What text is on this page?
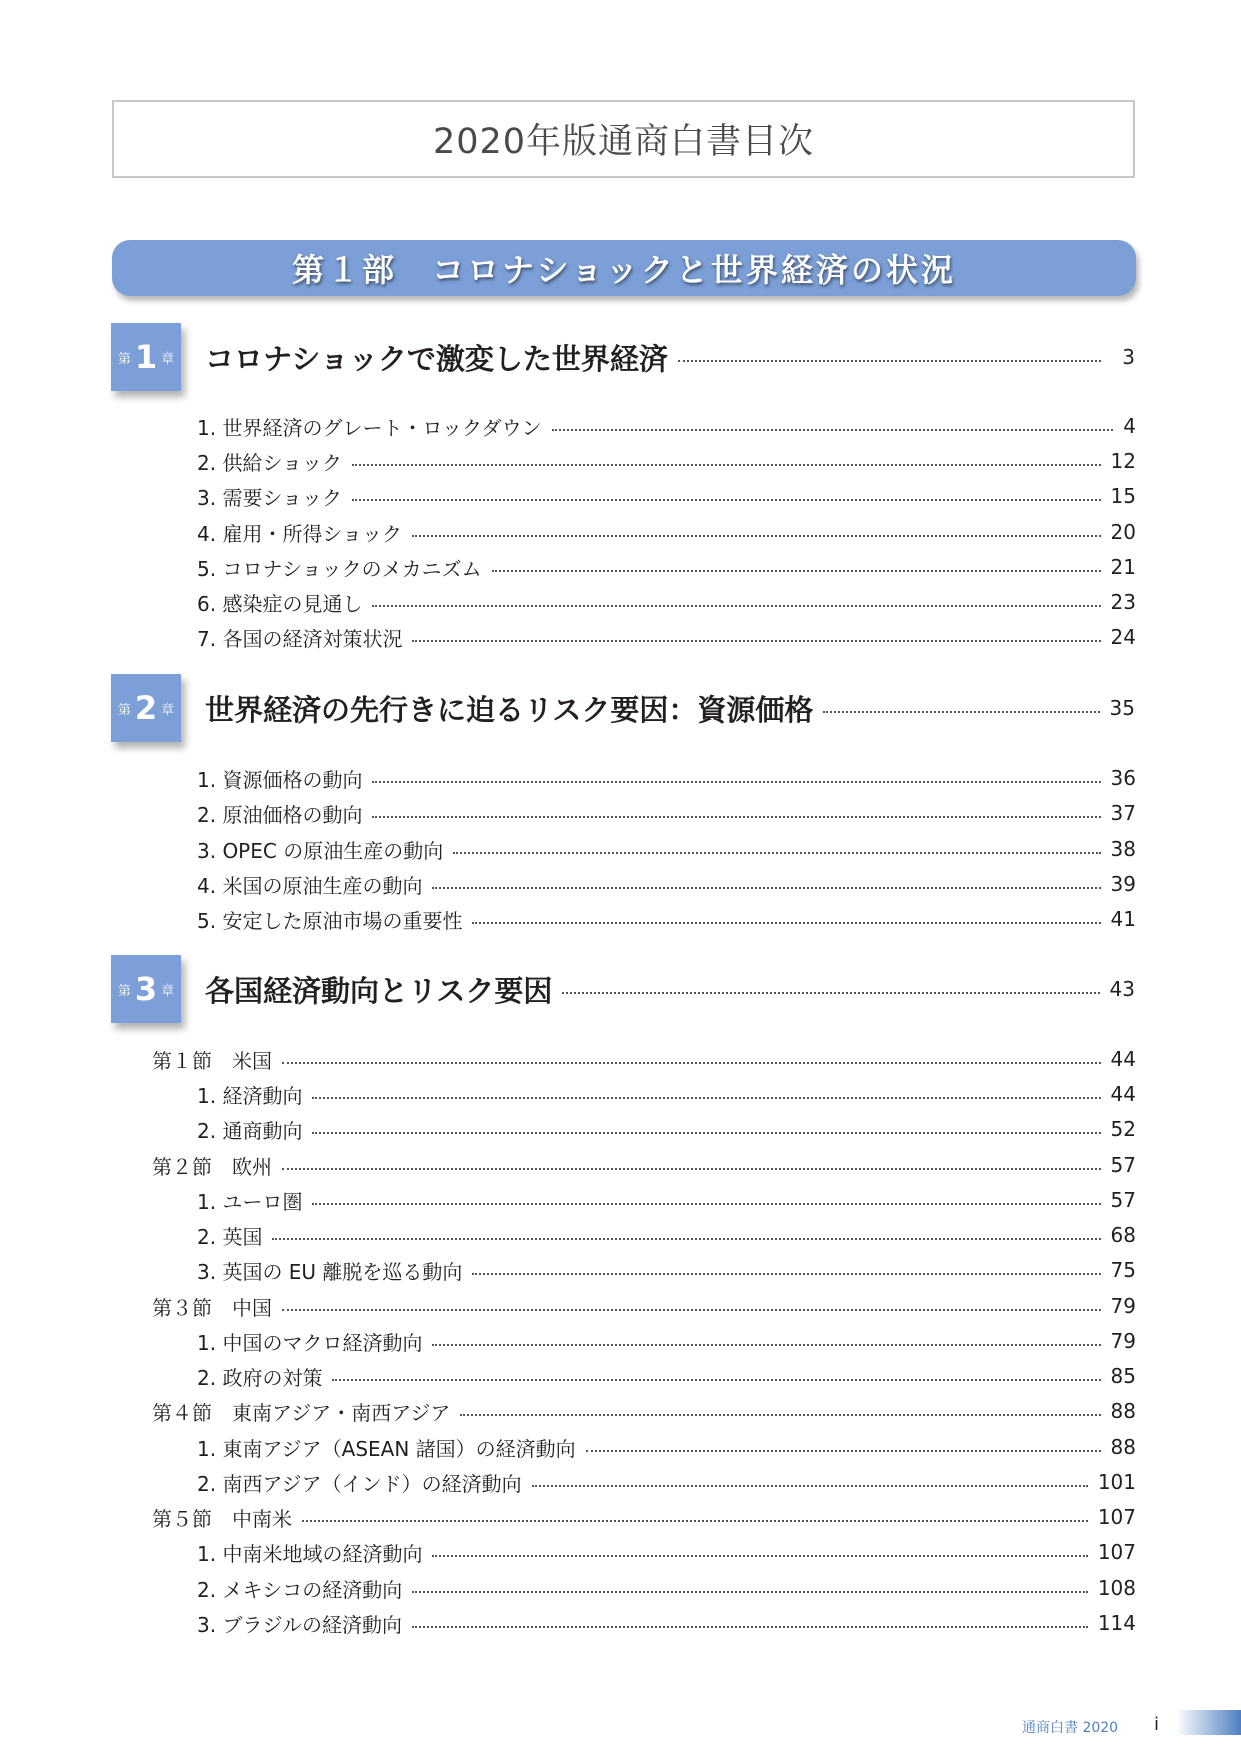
2020年版通商白書目次
第１部　コロナショックと世界経済の状況
第 1 章 コロナショックで激変した世界経済	3
1. 世界経済のグレート・ロックダウン	4
2. 供給ショック	12
3. 需要ショック	15
4. 雇用・所得ショック	20
5. コロナショックのメカニズム	21
6. 感染症の見通し	23
7. 各国の経済対策状況	24
第 2 章 世界経済の先行きに迫るリスク要因：資源価格	35
1. 資源価格の動向	36
2. 原油価格の動向	37
3. OPEC の原油生産の動向	38
4. 米国の原油生産の動向	39
5. 安定した原油市場の重要性	41
第 3 章 各国経済動向とリスク要因	43
第１節　米国	44
1. 経済動向	44
2. 通商動向	52
第２節　欧州	57
1. ユーロ圏	57
2. 英国	68
3. 英国の EU 離脱を巡る動向	75
第３節　中国	79
1. 中国のマクロ経済動向	79
2. 政府の対策	85
第４節　東南アジア・南西アジア	88
1. 東南アジア（ASEAN 諸国）の経済動向	88
2. 南西アジア（インド）の経済動向	101
第５節　中南米	107
1. 中南米地域の経済動向	107
2. メキシコの経済動向	108
3. ブラジルの経済動向	114
通商白書 2020 i
